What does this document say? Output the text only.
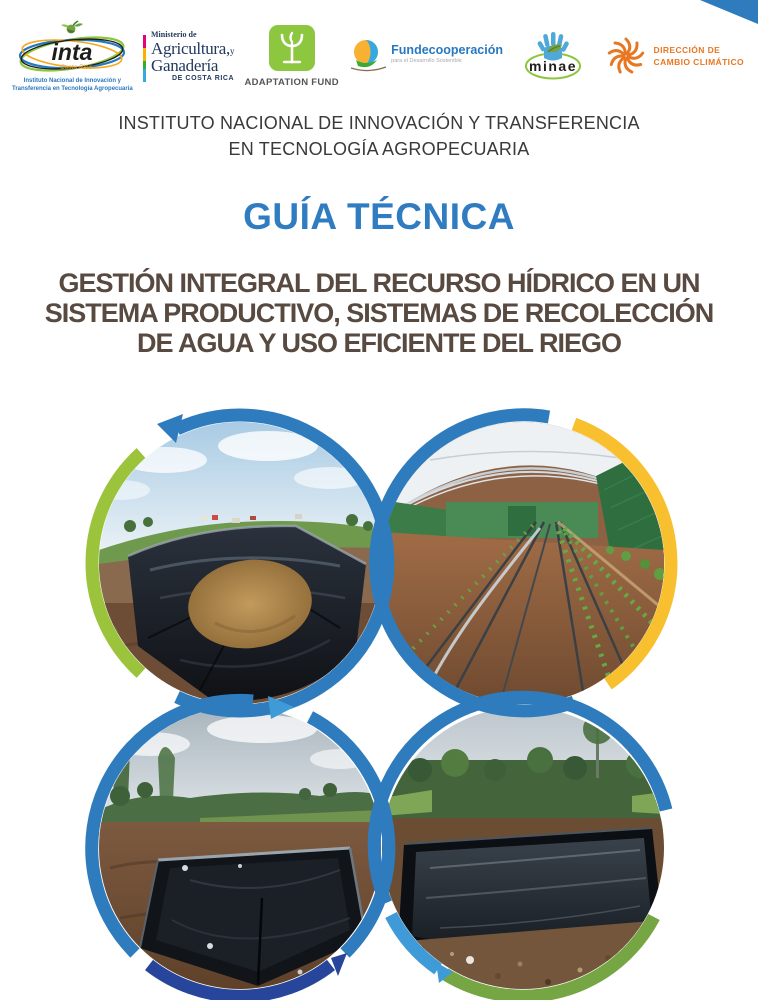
inta
Costa Rica
Instituto Nacional de Innovación y
Transferencia en Tecnología Agropecuaria
Ministerio de
Agricultura,y
Ganadería
DE COSTA RICA ADAPTATION FUND
Fundecooperación
para el Desarrollo Sostenible	minae
DIRECCIÓN DE
CAMBIO CLIMÁTICO
INSTITUTO NACIONAL DE INNOVACIÓN Y TRANSFERENCIA
EN TECNOLOGÍA AGROPECUARIA
GUÍA TÉCNICA
GESTIÓN INTEGRAL DEL RECURSO HÍDRICO EN UN
SISTEMA PRODUCTIVO, SISTEMAS DE RECOLECCIÓN
DE AGUA Y USO EFICIENTE DEL RIEGO
